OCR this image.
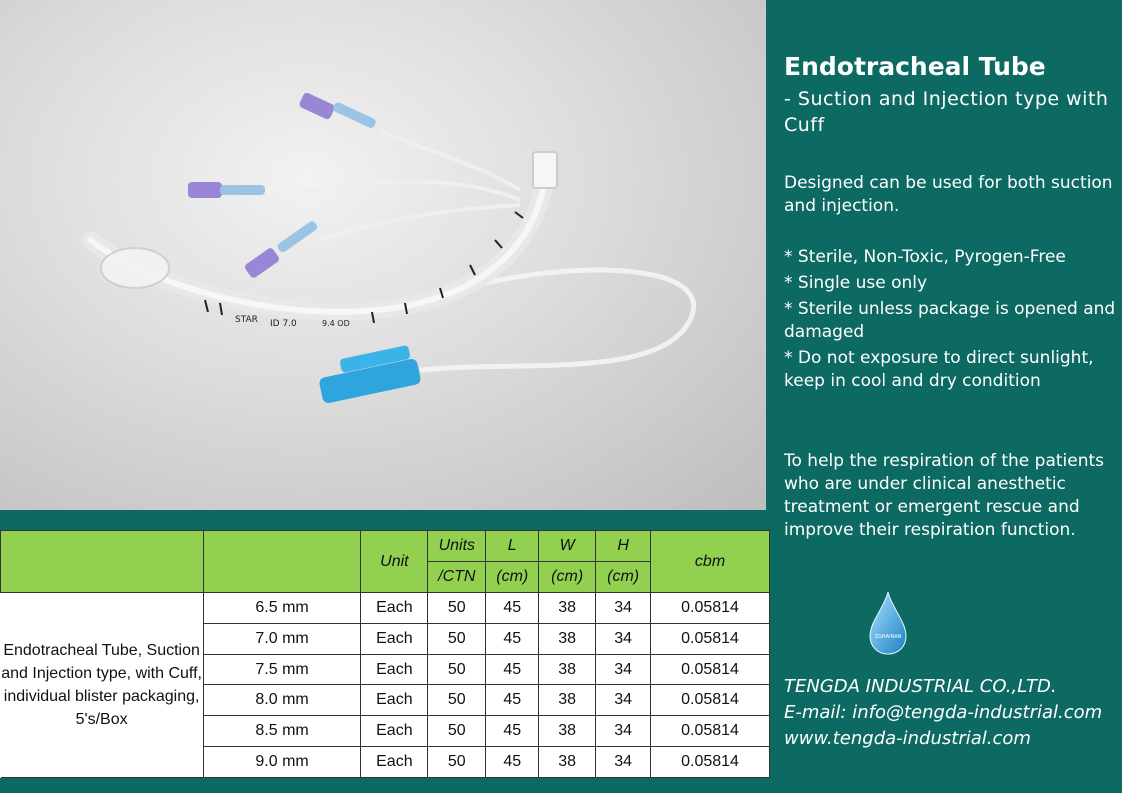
STAR ID 7.0	9.4 OD
		Unit	Units	L	W	H	cbm
			/CTN	(cm)	(cm)	(cm)	
Endotracheal Tube, Suction and Injection type, with Cuff, individual blister packaging, 5's/Box	6.5 mm	Each	50	45	38	34	0.05814
	7.0 mm	Each	50	45	38	34	0.05814
	7.5 mm	Each	50	45	38	34	0.05814
	8.0 mm	Each	50	45	38	34	0.05814
	8.5 mm	Each	50	45	38	34	0.05814
	9.0 mm	Each	50	45	38	34	0.05814
Endotracheal Tube

- Suction and Injection type with Cuff

Designed can be used for both suction and injection.

* Sterile, Non-Toxic, Pyrogen-Free
* Single use only
* Sterile unless package is opened and damaged
* Do not exposure to direct sunlight, keep in cool and dry condition

To help the respiration of the patients who are under clinical anesthetic treatment or emergent rescue and improve their respiration function.

ZGHAINAN
TENGDA INDUSTRIAL CO.,LTD.
E-mail: info@tengda-industrial.com
www.tengda-industrial.com
